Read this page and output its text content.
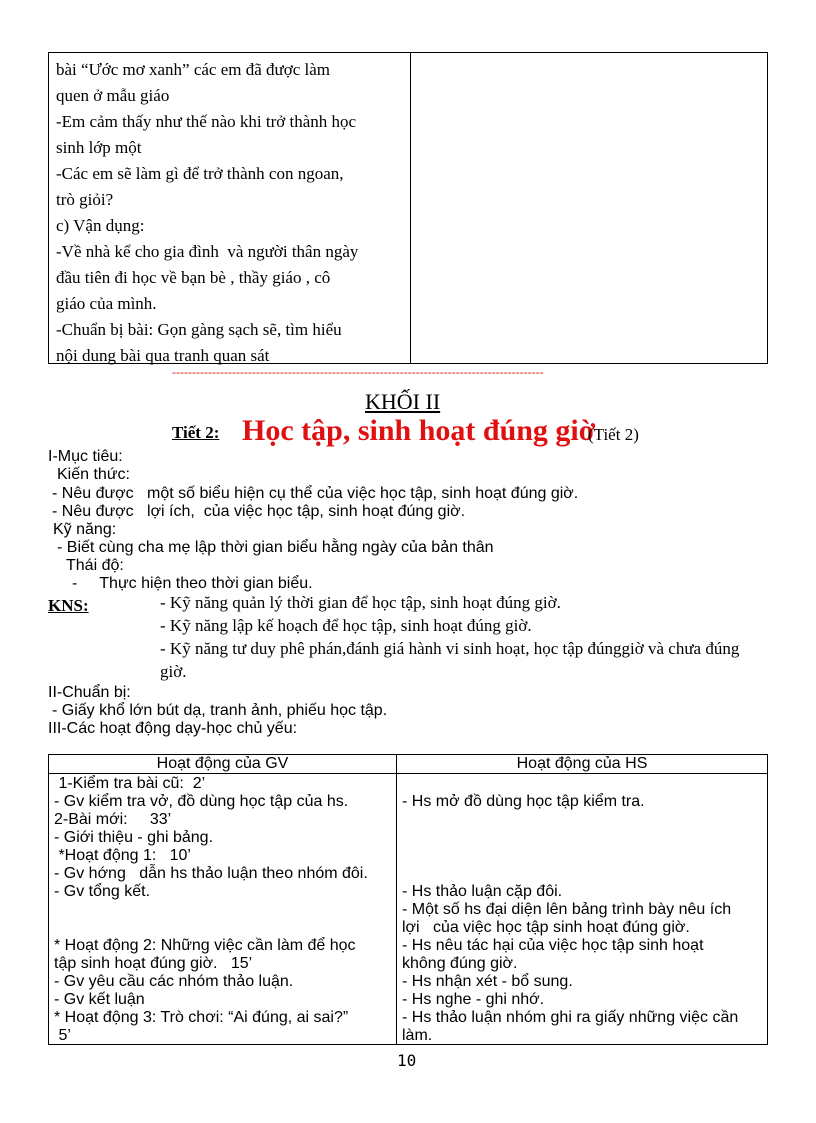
bài “Ước mơ xanh” các em đã được làm
quen ở mẫu giáo
-Em cảm thấy như thế nào khi trở thành học
sinh lớp một
-Các em sẽ làm gì để trở thành con ngoan,
trò giỏi?
c) Vận dụng:
-Về nhà kể cho gia đình  và người thân ngày
đầu tiên đi học về bạn bè , thầy giáo , cô
giáo của mình.
-Chuẩn bị bài: Gọn gàng sạch sẽ, tìm hiểu
nội dung bài qua tranh quan sát
---------------------------------------------------------------------------------------------
KHỐI II
Tiết 2: Học tập, sinh hoạt đúng giờ
(Tiết 2)
I-Mục tiêu:
Kiến thức:
- Nêu được   một số biểu hiện cụ thể của việc học tập, sinh hoạt đúng giờ.
- Nêu được   lợi ích,  của việc học tập, sinh hoạt đúng giờ.
Kỹ năng:
- Biết cùng cha mẹ lập thời gian biểu hằng ngày của bản thân
Thái độ:
-     Thực hiện theo thời gian biểu.
KNS:	- Kỹ năng quản lý thời gian để học tập, sinh hoạt đúng giờ.
- Kỹ năng lập kế hoạch để học tập, sinh hoạt đúng giờ.
- Kỹ năng tư duy phê phán,đánh giá hành vi sinh hoạt, học tập đúnggiờ và chưa đúng
giờ.
II-Chuẩn bị:
- Giấy khổ lớn bút dạ, tranh ảnh, phiếu học tập.
III-Các hoạt động dạy-học chủ yếu:
Hoạt động của GV	Hoạt động của HS
1-Kiểm tra bài cũ:  2’
- Gv kiểm tra vở, đồ dùng học tập của hs.
2-Bài mới:     33’
- Giới thiệu - ghi bảng.
*Hoạt động 1:   10’
- Gv hớng   dẫn hs thảo luận theo nhóm đôi.
- Gv tổng kết.
* Hoạt động 2: Những việc cần làm để học
tập sinh hoạt đúng giờ.   15’
- Gv yêu cầu các nhóm thảo luận.
- Gv kết luận
* Hoạt động 3: Trò chơi: “Ai đúng, ai sai?”
5’
- Hs mở đồ dùng học tập kiểm tra.
- Hs thảo luận cặp đôi.
- Một số hs đại diện lên bảng trình bày nêu ích
lợi   của việc học tập sinh hoạt đúng giờ.
- Hs nêu tác hại của việc học tập sinh hoạt
không đúng giờ.
- Hs nhận xét - bổ sung.
- Hs nghe - ghi nhớ.
- Hs thảo luận nhóm ghi ra giấy những việc cần
làm.
10
